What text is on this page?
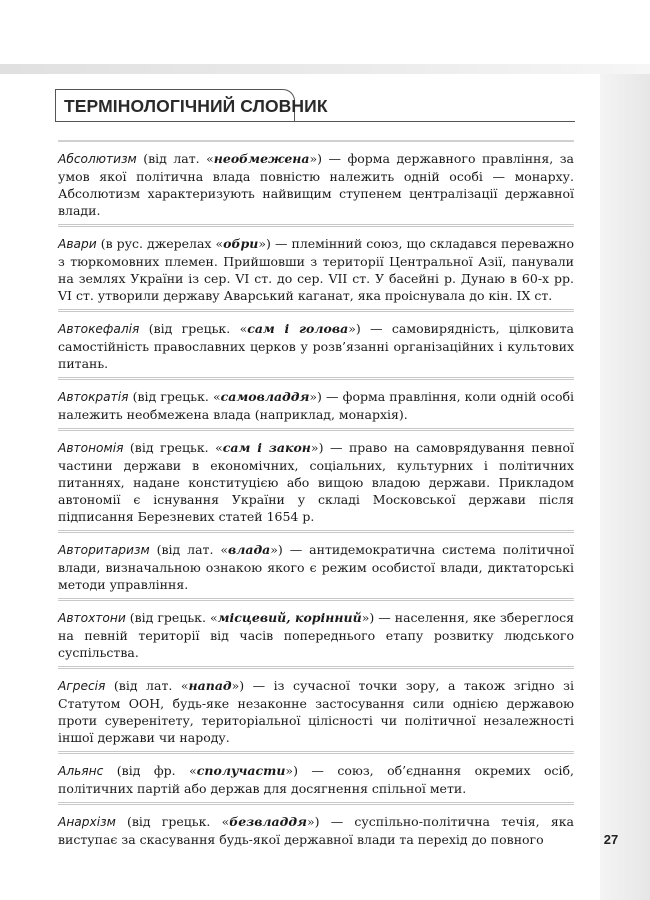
ТЕРМІНОЛОГІЧНИЙ СЛОВНИК
Абсолютизм (від лат. «необмежена») — форма державного правління, за умов якої політична влада повністю належить одній особі — монарху. Абсолютизм характеризують найвищим ступенем централізації державної влади.
Авари (в рус. джерелах «обри») — племінний союз, що складався переважно з тюркомовних племен. Прийшовши з території Центральної Азії, панували на землях України із сер. VI ст. до сер. VII ст. У басейні р. Дунаю в 60-х рр. VI ст. утворили державу Аварський каганат, яка проіснувала до кін. IX ст.
Автокефалія (від грецьк. «сам і голова») — самовирядність, цілковита самостійність православних церков у розв’язанні організаційних і культових питань.
Автократія (від грецьк. «самовладдя») — форма правління, коли одній особі належить необмежена влада (наприклад, монархія).
Автономія (від грецьк. «сам і закон») — право на самоврядування певної частини держави в економічних, соціальних, культурних і політичних питаннях, надане конституцією або вищою владою держави. Прикладом автономії є існування України у складі Московської держави після підписання Березневих статей 1654 р.
Авторитаризм (від лат. «влада») — антидемократична система політичної влади, визначальною ознакою якого є режим особистої влади, диктаторські методи управління.
Автохтони (від грецьк. «місцевий, корінний») — населення, яке збереглося на певній території від часів попереднього етапу розвитку людського суспільства.
Агресія (від лат. «напад») — із сучасної точки зору, а також згідно зі Статутом ООН, будь-яке незаконне застосування сили однією державою проти суверенітету, територіальної цілісності чи політичної незалежності іншої держави чи народу.
Альянс (від фр. «сполучасти») — союз, об’єднання окремих осіб, політичних партій або держав для досягнення спільної мети.
Анархізм (від грецьк. «безвладдя») — суспільно-політична течія, яка виступає за скасування будь-якої державної влади та перехід до повного	27
